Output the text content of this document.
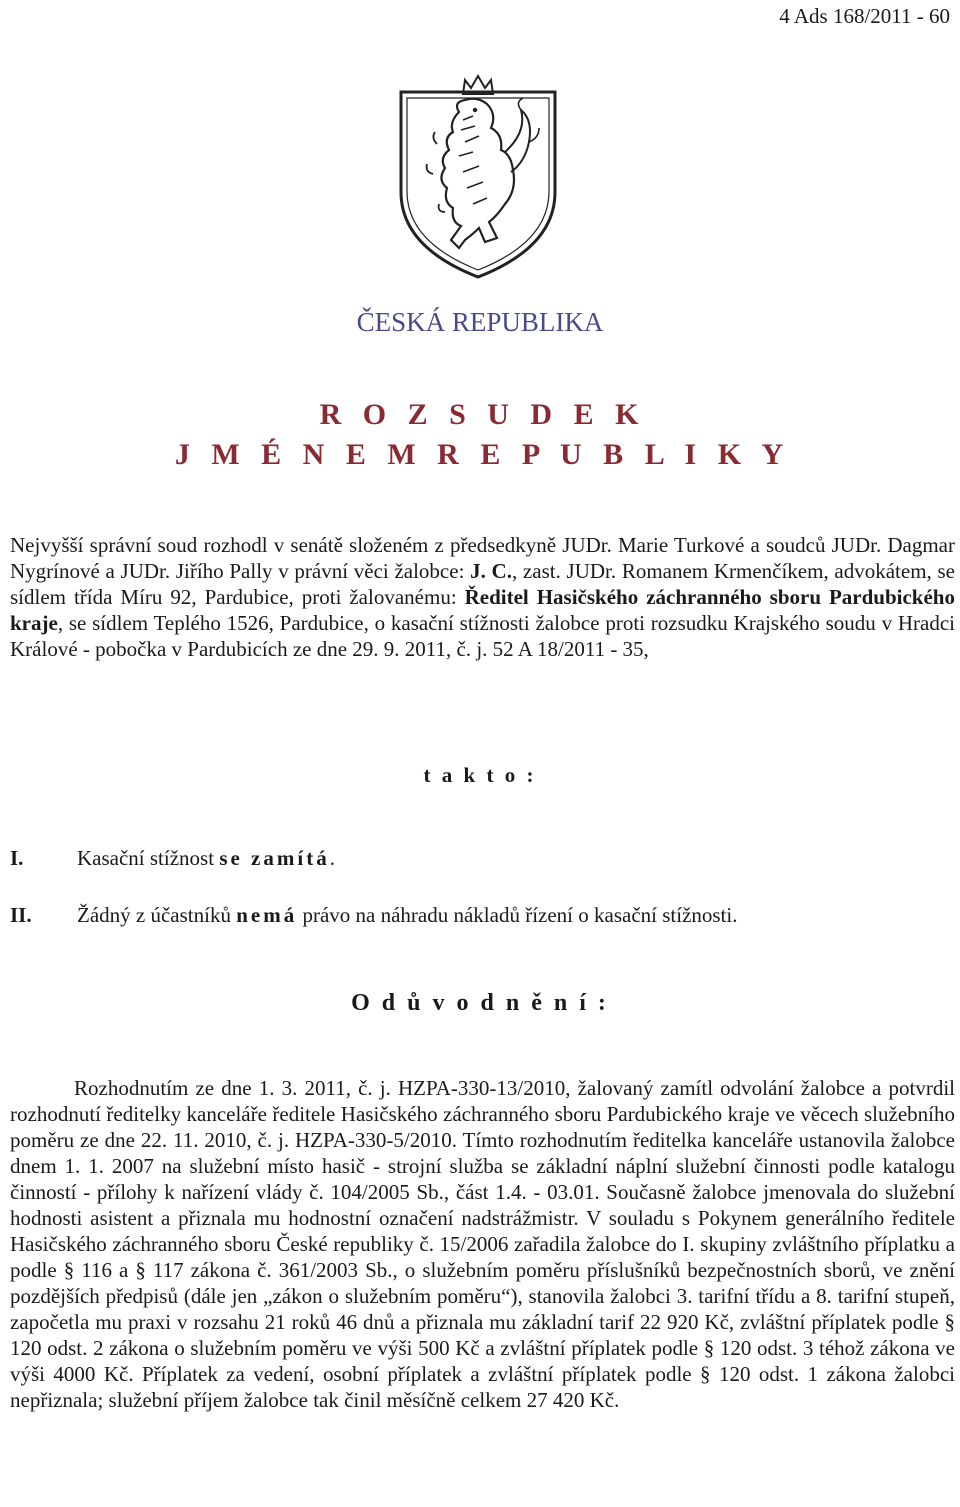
4 Ads 168/2011 - 60
ČESKÁ REPUBLIKA
R O Z S U D E K
J M É N E M R E P U B L I K Y

Nejvyšší správní soud rozhodl v senátě složeném z předsedkyně JUDr. Marie Turkové a soudců JUDr. Dagmar Nygrínové a JUDr. Jiřího Pally v právní věci žalobce: J. C., zast. JUDr. Romanem Krmenčíkem, advokátem, se sídlem třída Míru 92, Pardubice, proti žalovanému: Ředitel Hasičského záchranného sboru Pardubického kraje, se sídlem Teplého 1526, Pardubice, o kasační stížnosti žalobce proti rozsudku Krajského soudu v Hradci Králové - pobočka v Pardubicích ze dne 29. 9. 2011, č. j. 52 A 18/2011 - 35,

t a k t o :
I.	Kasační stížnost se zamítá.
II. Žádný z účastníků nemá právo na náhradu nákladů řízení o kasační stížnosti.
O d ů v o d n ě n í :

Rozhodnutím ze dne 1. 3. 2011, č. j. HZPA-330-13/2010, žalovaný zamítl odvolání žalobce a potvrdil rozhodnutí ředitelky kanceláře ředitele Hasičského záchranného sboru Pardubického kraje ve věcech služebního poměru ze dne 22. 11. 2010, č. j. HZPA-330-5/2010. Tímto rozhodnutím ředitelka kanceláře ustanovila žalobce dnem 1. 1. 2007 na služební místo hasič - strojní služba se základní náplní služební činnosti podle katalogu činností - přílohy k nařízení vlády č. 104/2005 Sb., část 1.4. - 03.01. Současně žalobce jmenovala do služební hodnosti asistent a přiznala mu hodnostní označení nadstrážmistr. V souladu s Pokynem generálního ředitele Hasičského záchranného sboru České republiky č. 15/2006 zařadila žalobce do I. skupiny zvláštního příplatku a podle § 116 a § 117 zákona č. 361/2003 Sb., o služebním poměru příslušníků bezpečnostních sborů, ve znění pozdějších předpisů (dále jen „zákon o služebním poměru“), stanovila žalobci 3. tarifní třídu a 8. tarifní stupeň, započetla mu praxi v rozsahu 21 roků 46 dnů a přiznala mu základní tarif 22 920 Kč, zvláštní příplatek podle § 120 odst. 2 zákona o služebním poměru ve výši 500 Kč a zvláštní příplatek podle § 120 odst. 3 téhož zákona ve výši 4000 Kč. Příplatek za vedení, osobní příplatek a zvláštní příplatek podle § 120 odst. 1 zákona žalobci nepřiznala; služební příjem žalobce tak činil měsíčně celkem 27 420 Kč.
